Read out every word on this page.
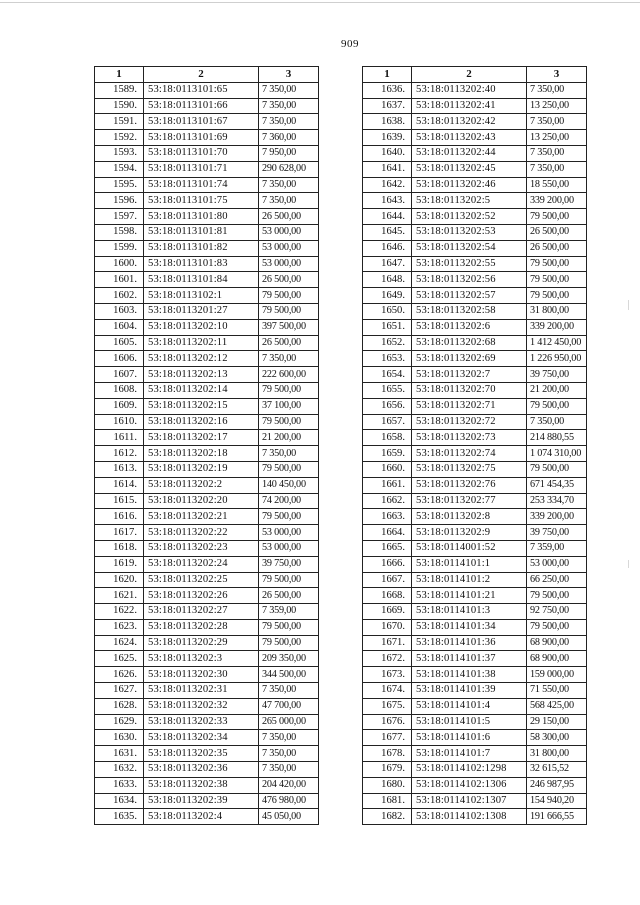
909
1	2	3
1589.	53:18:0113101:65	7 350,00
1590.	53:18:0113101:66	7 350,00
1591.	53:18:0113101:67	7 350,00
1592.	53:18:0113101:69	7 360,00
1593.	53:18:0113101:70	7 950,00
1594.	53:18:0113101:71	290 628,00
1595.	53:18:0113101:74	7 350,00
1596.	53:18:0113101:75	7 350,00
1597.	53:18:0113101:80	26 500,00
1598.	53:18:0113101:81	53 000,00
1599.	53:18:0113101:82	53 000,00
1600.	53:18:0113101:83	53 000,00
1601.	53:18:0113101:84	26 500,00
1602.	53:18:0113102:1	79 500,00
1603.	53:18:0113201:27	79 500,00
1604.	53:18:0113202:10	397 500,00
1605.	53:18:0113202:11	26 500,00
1606.	53:18:0113202:12	7 350,00
1607.	53:18:0113202:13	222 600,00
1608.	53:18:0113202:14	79 500,00
1609.	53:18:0113202:15	37 100,00
1610.	53:18:0113202:16	79 500,00
1611.	53:18:0113202:17	21 200,00
1612.	53:18:0113202:18	7 350,00
1613.	53:18:0113202:19	79 500,00
1614.	53:18:0113202:2	140 450,00
1615.	53:18:0113202:20	74 200,00
1616.	53:18:0113202:21	79 500,00
1617.	53:18:0113202:22	53 000,00
1618.	53:18:0113202:23	53 000,00
1619.	53:18:0113202:24	39 750,00
1620.	53:18:0113202:25	79 500,00
1621.	53:18:0113202:26	26 500,00
1622.	53:18:0113202:27	7 359,00
1623.	53:18:0113202:28	79 500,00
1624.	53:18:0113202:29	79 500,00
1625.	53:18:0113202:3	209 350,00
1626.	53:18:0113202:30	344 500,00
1627.	53:18:0113202:31	7 350,00
1628.	53:18:0113202:32	47 700,00
1629.	53:18:0113202:33	265 000,00
1630.	53:18:0113202:34	7 350,00
1631.	53:18:0113202:35	7 350,00
1632.	53:18:0113202:36	7 350,00
1633.	53:18:0113202:38	204 420,00
1634.	53:18:0113202:39	476 980,00
1635.	53:18:0113202:4	45 050,00
1	2	3
1636.	53:18:0113202:40	7 350,00
1637.	53:18:0113202:41	13 250,00
1638.	53:18:0113202:42	7 350,00
1639.	53:18:0113202:43	13 250,00
1640.	53:18:0113202:44	7 350,00
1641.	53:18:0113202:45	7 350,00
1642.	53:18:0113202:46	18 550,00
1643.	53:18:0113202:5	339 200,00
1644.	53:18:0113202:52	79 500,00
1645.	53:18:0113202:53	26 500,00
1646.	53:18:0113202:54	26 500,00
1647.	53:18:0113202:55	79 500,00
1648.	53:18:0113202:56	79 500,00
1649.	53:18:0113202:57	79 500,00
1650.	53:18:0113202:58	31 800,00
1651.	53:18:0113202:6	339 200,00
1652.	53:18:0113202:68	1 412 450,00
1653.	53:18:0113202:69	1 226 950,00
1654.	53:18:0113202:7	39 750,00
1655.	53:18:0113202:70	21 200,00
1656.	53:18:0113202:71	79 500,00
1657.	53:18:0113202:72	7 350,00
1658.	53:18:0113202:73	214 880,55
1659.	53:18:0113202:74	1 074 310,00
1660.	53:18:0113202:75	79 500,00
1661.	53:18:0113202:76	671 454,35
1662.	53:18:0113202:77	253 334,70
1663.	53:18:0113202:8	339 200,00
1664.	53:18:0113202:9	39 750,00
1665.	53:18:0114001:52	7 359,00
1666.	53:18:0114101:1	53 000,00
1667.	53:18:0114101:2	66 250,00
1668.	53:18:0114101:21	79 500,00
1669.	53:18:0114101:3	92 750,00
1670.	53:18:0114101:34	79 500,00
1671.	53:18:0114101:36	68 900,00
1672.	53:18:0114101:37	68 900,00
1673.	53:18:0114101:38	159 000,00
1674.	53:18:0114101:39	71 550,00
1675.	53:18:0114101:4	568 425,00
1676.	53:18:0114101:5	29 150,00
1677.	53:18:0114101:6	58 300,00
1678.	53:18:0114101:7	31 800,00
1679.	53:18:0114102:1298	32 615,52
1680.	53:18:0114102:1306	246 987,95
1681.	53:18:0114102:1307	154 940,20
1682.	53:18:0114102:1308	191 666,55
